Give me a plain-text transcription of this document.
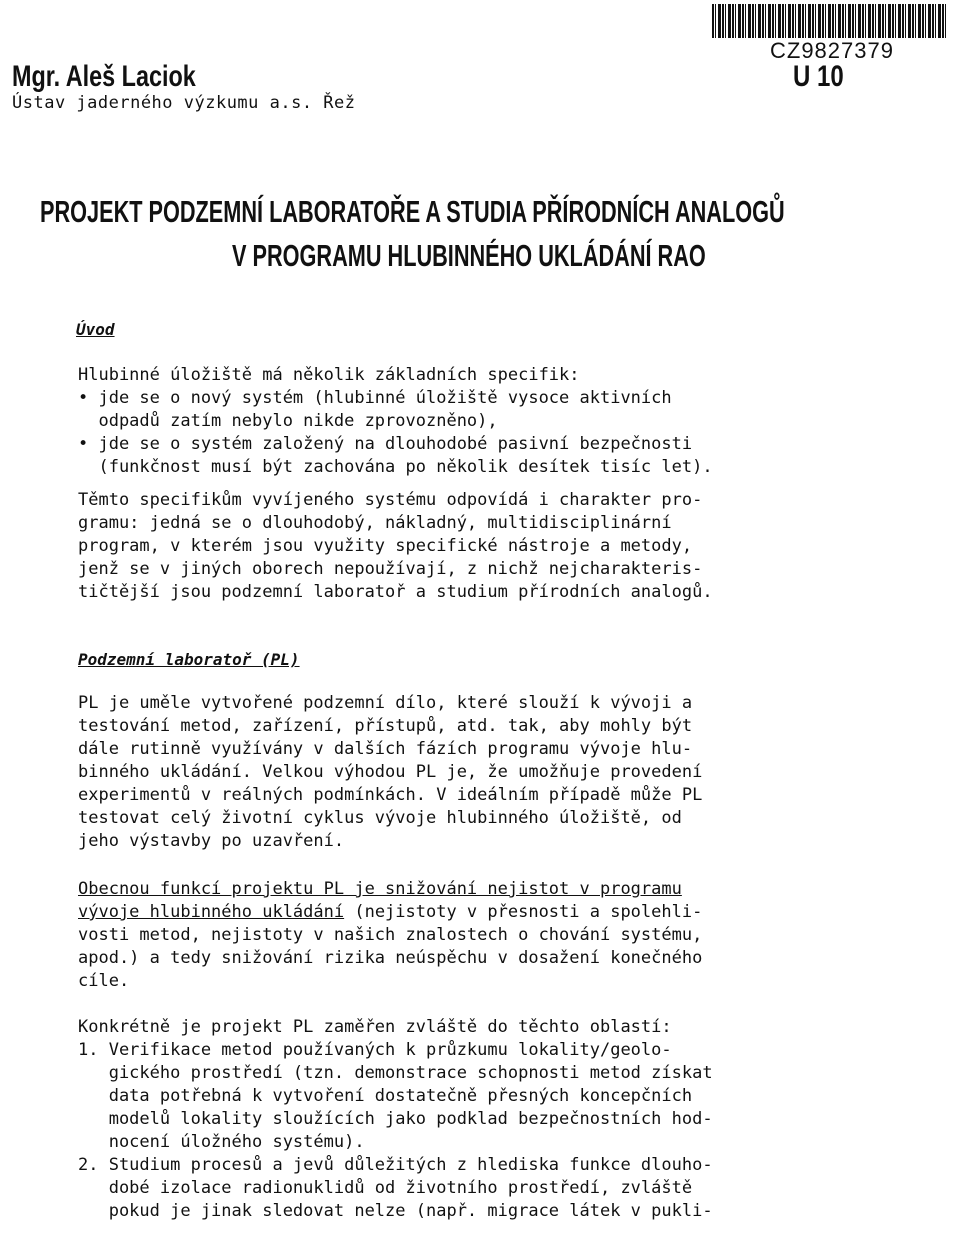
CZ9827379
U 10
Mgr. Aleš Laciok
Ústav jaderného výzkumu a.s. Řež
PROJEKT PODZEMNÍ LABORATOŘE A STUDIA PŘÍRODNÍCH ANALOGŮ
V PROGRAMU HLUBINNÉHO UKLÁDÁNÍ RAO
Úvod
Hlubinné úložiště má několik základních specifik:
• jde se o nový systém (hlubinné úložiště vysoce aktivních
odpadů zatím nebylo nikde zprovozněno),
• jde se o systém založený na dlouhodobé pasivní bezpečnosti
(funkčnost musí být zachována po několik desítek tisíc let).
Těmto specifikům vyvíjeného systému odpovídá i charakter pro-
gramu: jedná se o dlouhodobý, nákladný, multidisciplinární
program, v kterém jsou využity specifické nástroje a metody,
jenž se v jiných oborech nepoužívají, z nichž nejcharakteris-
tičtější jsou podzemní laboratoř a studium přírodních analogů.
Podzemní laboratoř (PL)
PL je uměle vytvořené podzemní dílo, které slouží k vývoji a
testování metod, zařízení, přístupů, atd. tak, aby mohly být
dále rutinně využívány v dalších fázích programu vývoje hlu-
binného ukládání. Velkou výhodou PL je, že umožňuje provedení
experimentů v reálných podmínkách. V ideálním případě může PL
testovat celý životní cyklus vývoje hlubinného úložiště, od
jeho výstavby po uzavření.
Obecnou funkcí projektu PL je snižování nejistot v programu
vývoje hlubinného ukládání (nejistoty v přesnosti a spolehli-
vosti metod, nejistoty v našich znalostech o chování systému,
apod.) a tedy snižování rizika neúspěchu v dosažení konečného
cíle.
Konkrétně je projekt PL zaměřen zvláště do těchto oblastí:
1. Verifikace metod používaných k průzkumu lokality/geolo-
gického prostředí (tzn. demonstrace schopnosti metod získat
data potřebná k vytvoření dostatečně přesných koncepčních
modelů lokality sloužících jako podklad bezpečnostních hod-
nocení úložného systému).
2. Studium procesů a jevů důležitých z hlediska funkce dlouho-
dobé izolace radionuklidů od životního prostředí, zvláště
pokud je jinak sledovat nelze (např. migrace látek v pukli-
